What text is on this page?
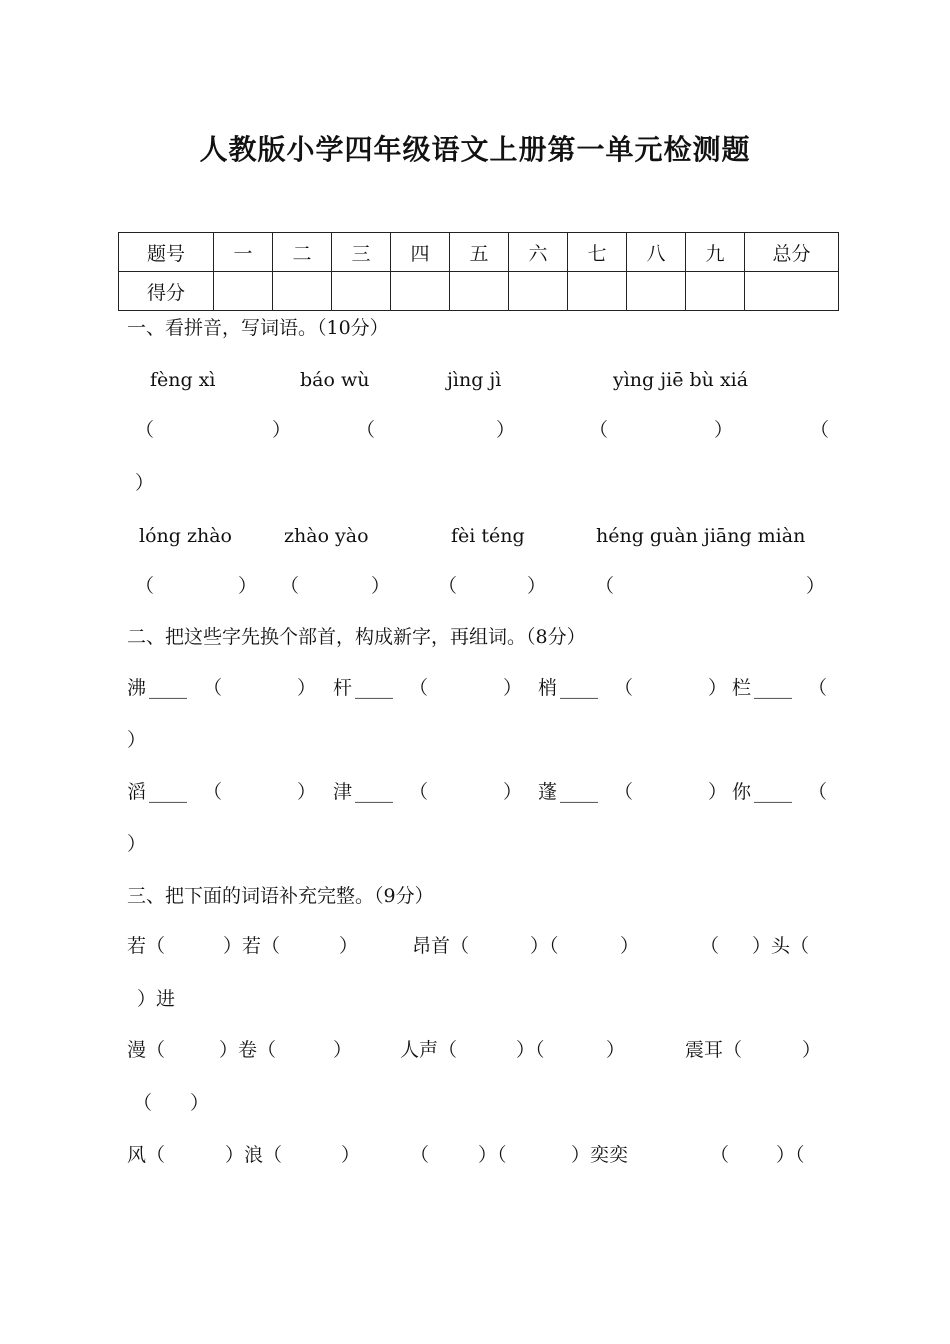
人教版小学四年级语文上册第一单元检测题
题号	一	二	三	四	五	六	七	八	九	总分
得分										
一、看拼音，写词语。（10分）
fèng xì	báo wù	jìng jì	yìng jiē bù xiá
（	）	（	）	（	）	（
）
lóng zhào	zhào yào	fèi téng	héng guàn jiāng miàn
（	） （	）	（	）	（	）
二、把这些字先换个部首，构成新字，再组词。（8分）
沸 ____ （	） 杆 ____ （	） 梢 ____ （	） 栏 ____ （
）
滔 ____ （	） 津 ____ （	） 蓬 ____ （	） 你 ____ （
）
三、把下面的词语补充完整。（9分）
若（	）若（	）	昂首（	）（	）	（ ）头（
）进
漫（	）卷（	）	人声（	）（	）	震耳（	）
（　　）
风（	）浪（	）	（	）（	）奕奕	（ ）（
